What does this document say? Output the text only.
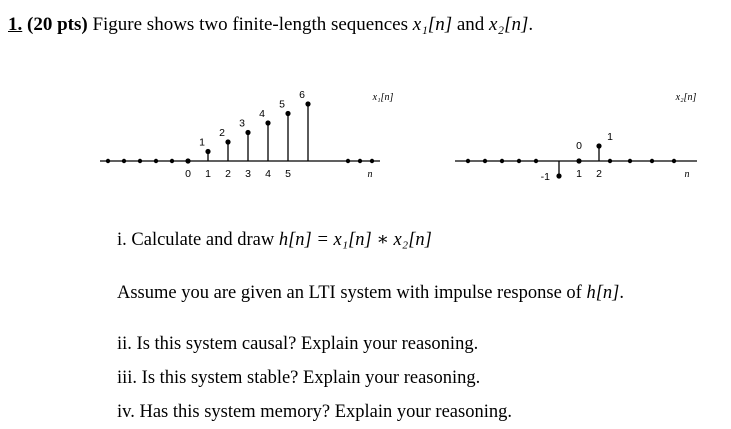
1. (20 pts) Figure shows two finite-length sequences x₁[n] and x₂[n].
1
2
3
4
5
6
0 1 2 3 4 5
x₁[n]
n	-1
0
1
1 2
x₂[n]
n
i. Calculate and draw h[n] = x₁[n] ∗ x₂[n]
Assume you are given an LTI system with impulse response of h[n].
ii. Is this system causal? Explain your reasoning.
iii. Is this system stable? Explain your reasoning.
iv. Has this system memory? Explain your reasoning.
